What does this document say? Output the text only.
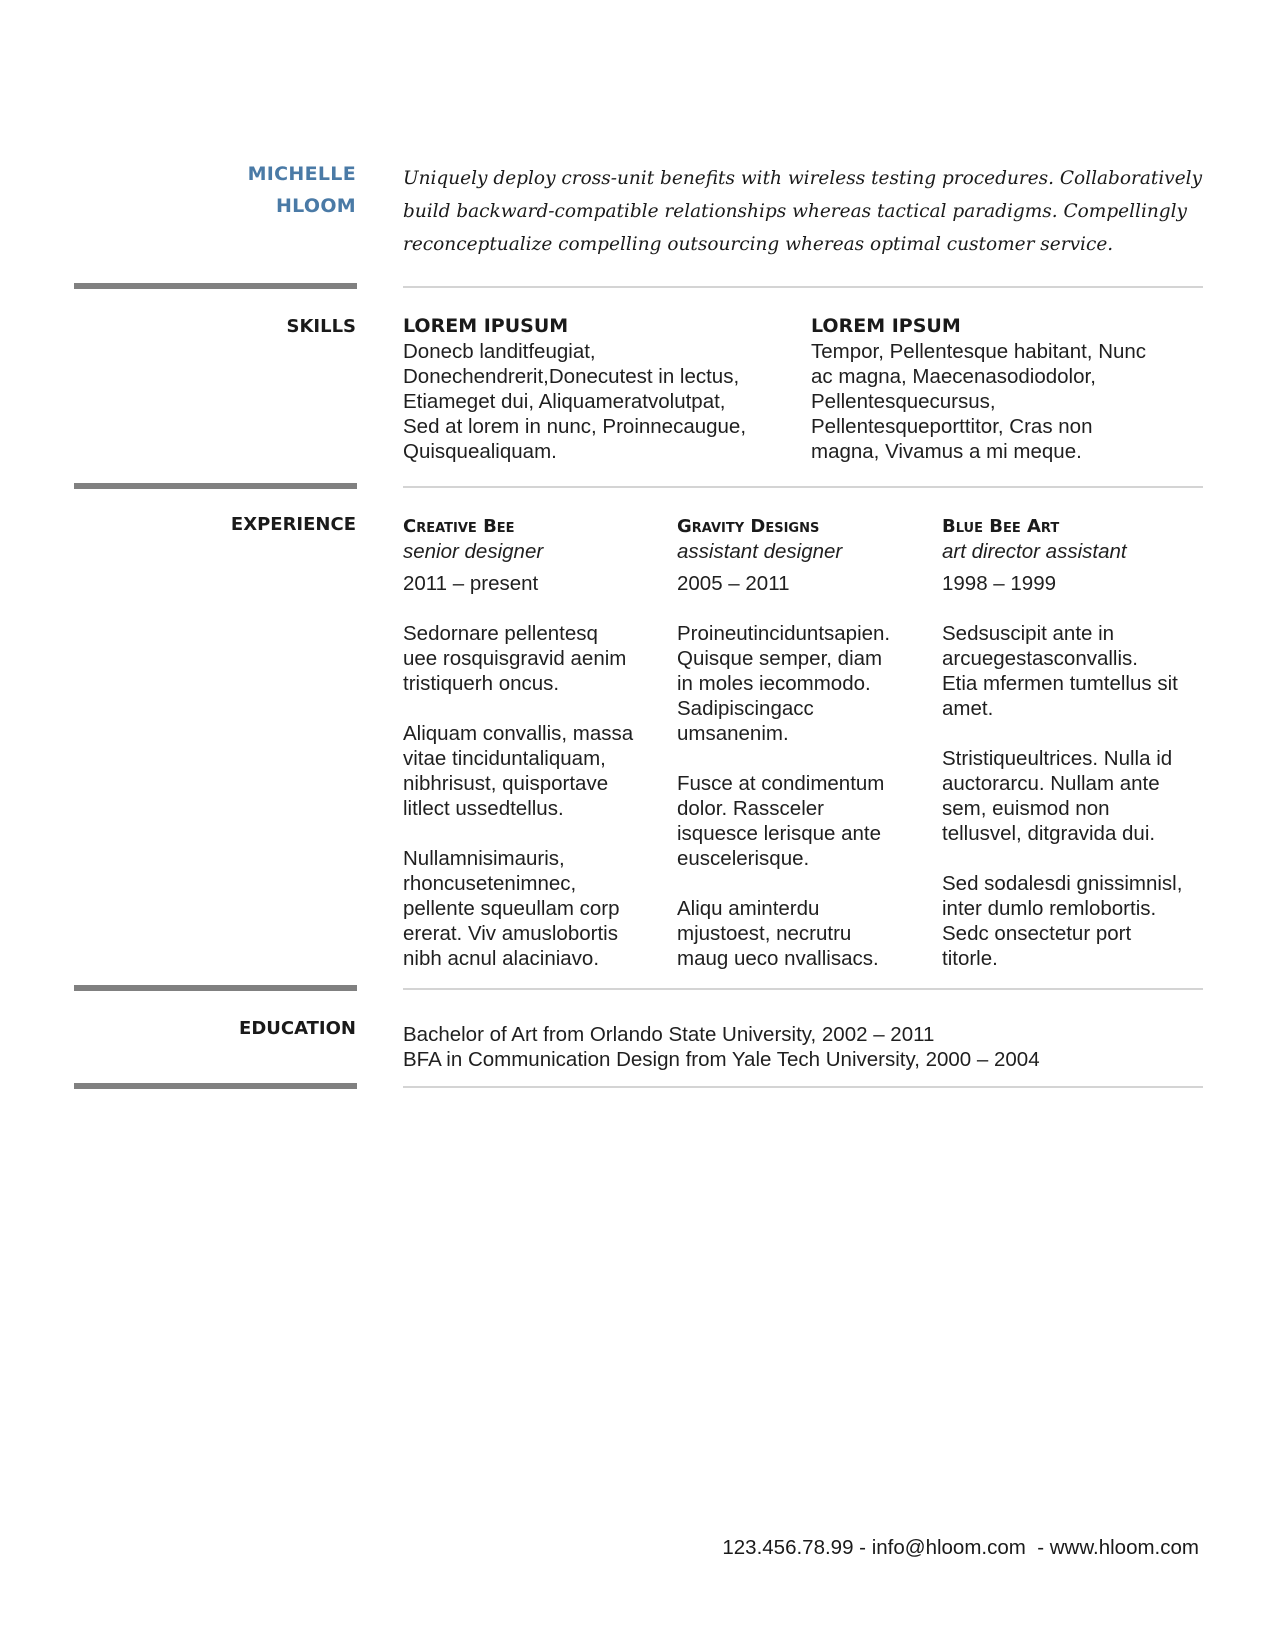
MICHELLE
HLOOM

Uniquely deploy cross-unit benefits with wireless testing procedures. Collaboratively

build backward-compatible relationships whereas tactical paradigms. Compellingly

reconceptualize compelling outsourcing whereas optimal customer service.

SKILLS LOREM IPUSUM

Donecb landitfeugiat,

Donechendrerit,Donecutest in lectus,

Etiameget dui, Aliquameratvolutpat,

Sed at lorem in nunc, Proinnecaugue,

Quisquealiquam.

LOREM IPSUM

Tempor, Pellentesque habitant, Nunc

ac magna, Maecenasodiodolor,

Pellentesquecursus,

Pellentesqueporttitor, Cras non

magna, Vivamus a mi meque.

EXPERIENCE	Creative Bee
senior designer
2011 – present

Sedornare pellentesq

uee rosquisgravid aenim

tristiquerh oncus.

Aliquam convallis, massa

vitae tinciduntaliquam,

nibhrisust, quisportave

litlect ussedtellus.

Nullamnisimauris,

rhoncusetenimnec,

pellente squeullam corp

ererat. Viv amuslobortis

nibh acnul alaciniavo.

Gravity Designs
assistant designer
2005 – 2011

Proineutinciduntsapien.

Quisque semper, diam

in moles iecommodo.

Sadipiscingacc

umsanenim.

Fusce at condimentum

dolor. Rassceler

isquesce lerisque ante

euscelerisque.

Aliqu aminterdu

mjustoest, necrutru

maug ueco nvallisacs.

Blue Bee Art
art director assistant
1998 – 1999

Sedsuscipit ante in

arcuegestasconvallis.

Etia mfermen tumtellus sit

amet.

Stristiqueultrices. Nulla id

auctorarcu. Nullam ante

sem, euismod non

tellusvel, ditgravida dui.

Sed sodalesdi gnissimnisl,

inter dumlo remlobortis.

Sedc onsectetur port

titorle.

EDUCATION Bachelor of Art from Orlando State University, 2002 – 2011

BFA in Communication Design from Yale Tech University, 2000 – 2004

123.456.78.99 - info@hloom.com  - www.hloom.com
